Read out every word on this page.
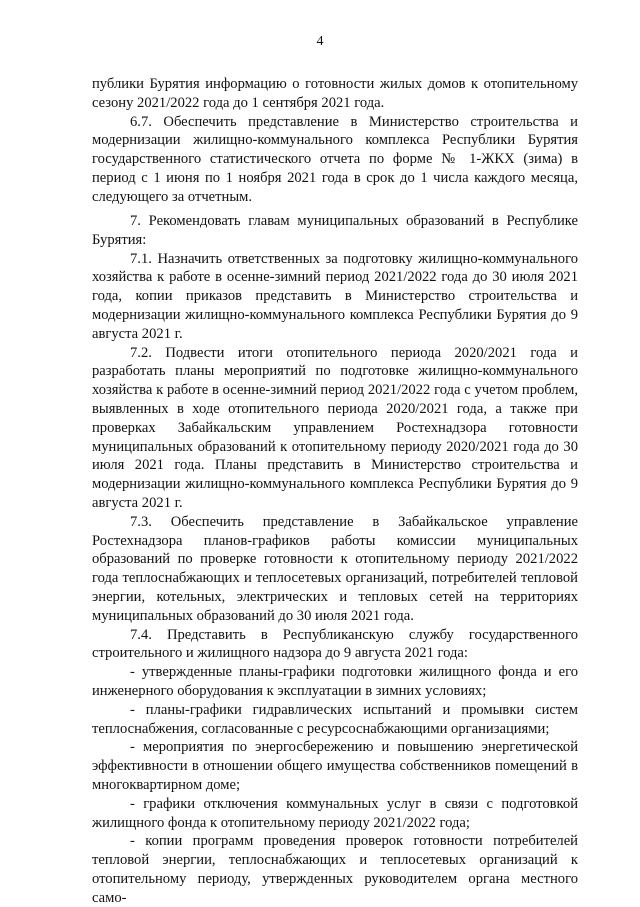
4

публики Бурятия информацию о готовности жилых домов к отопительному сезону 2021/2022 года до 1 сентября 2021 года.

6.7. Обеспечить представление в Министерство строительства и модернизации жилищно-коммунального комплекса Республики Бурятия государственного статистического отчета по форме № 1-ЖКХ (зима) в период с 1 июня по 1 ноября 2021 года в срок до 1 числа каждого месяца, следующего за отчетным.

7. Рекомендовать главам муниципальных образований в Республике Бурятия:

7.1. Назначить ответственных за подготовку жилищно-коммунального хозяйства к работе в осенне-зимний период 2021/2022 года до 30 июля 2021 года, копии приказов представить в Министерство строительства и модернизации жилищно-коммунального комплекса Республики Бурятия до 9 августа 2021 г.

7.2. Подвести итоги отопительного периода 2020/2021 года и разработать планы мероприятий по подготовке жилищно-коммунального хозяйства к работе в осенне-зимний период 2021/2022 года с учетом проблем, выявленных в ходе отопительного периода 2020/2021 года, а также при проверках Забайкальским управлением Ростехнадзора готовности муниципальных образований к отопительному периоду 2020/2021 года до 30 июля 2021 года. Планы представить в Министерство строительства и модернизации жилищно-коммунального комплекса Республики Бурятия до 9 августа 2021 г.

7.3. Обеспечить представление в Забайкальское управление Ростехнадзора планов-графиков работы комиссии муниципальных образований по проверке готовности к отопительному периоду 2021/2022 года теплоснабжающих и теплосетевых организаций, потребителей тепловой энергии, котельных, электрических и тепловых сетей на территориях муниципальных образований до 30 июля 2021 года.

7.4. Представить в Республиканскую службу государственного строительного и жилищного надзора до 9 августа 2021 года:

- утвержденные планы-графики подготовки жилищного фонда и его инженерного оборудования к эксплуатации в зимних условиях;

- планы-графики гидравлических испытаний и промывки систем теплоснабжения, согласованные с ресурсоснабжающими организациями;

- мероприятия по энергосбережению и повышению энергетической эффективности в отношении общего имущества собственников помещений в многоквартирном доме;

- графики отключения коммунальных услуг в связи с подготовкой жилищного фонда к отопительному периоду 2021/2022 года;

- копии программ проведения проверок готовности потребителей тепловой энергии, теплоснабжающих и теплосетевых организаций к отопительному периоду, утвержденных руководителем органа местного само-
